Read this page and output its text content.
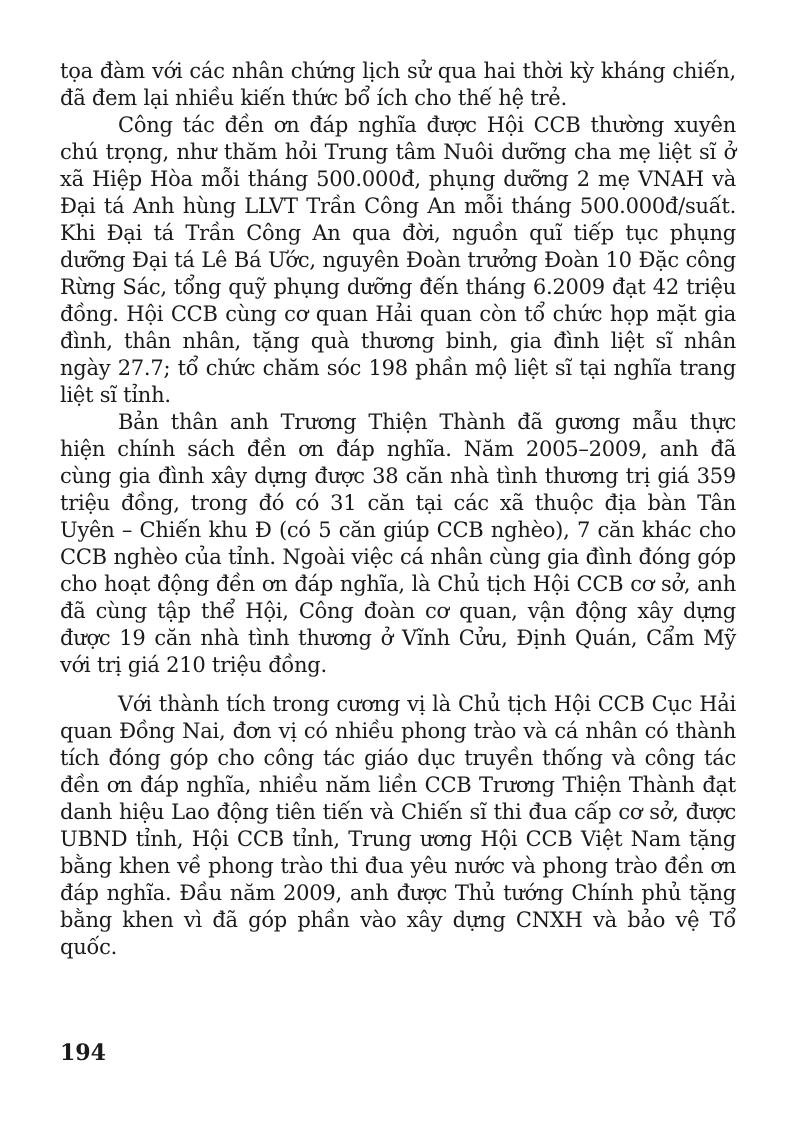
tọa đàm với các nhân chứng lịch sử qua hai thời kỳ kháng chiến, đã đem lại nhiều kiến thức bổ ích cho thế hệ trẻ.

Công tác đền ơn đáp nghĩa được Hội CCB thường xuyên chú trọng, như thăm hỏi Trung tâm Nuôi dưỡng cha mẹ liệt sĩ ở xã Hiệp Hòa mỗi tháng 500.000đ, phụng dưỡng 2 mẹ VNAH và Đại tá Anh hùng LLVT Trần Công An mỗi tháng 500.000đ/suất. Khi Đại tá Trần Công An qua đời, nguồn quĩ tiếp tục phụng dưỡng Đại tá Lê Bá Ước, nguyên Đoàn trưởng Đoàn 10 Đặc công Rừng Sác, tổng quỹ phụng dưỡng đến tháng 6.2009 đạt 42 triệu đồng. Hội CCB cùng cơ quan Hải quan còn tổ chức họp mặt gia đình, thân nhân, tặng quà thương binh, gia đình liệt sĩ nhân ngày 27.7; tổ chức chăm sóc 198 phần mộ liệt sĩ tại nghĩa trang liệt sĩ tỉnh.

Bản thân anh Trương Thiện Thành đã gương mẫu thực hiện chính sách đền ơn đáp nghĩa. Năm 2005–2009, anh đã cùng gia đình xây dựng được 38 căn nhà tình thương trị giá 359 triệu đồng, trong đó có 31 căn tại các xã thuộc địa bàn Tân Uyên – Chiến khu Đ (có 5 căn giúp CCB nghèo), 7 căn khác cho CCB nghèo của tỉnh. Ngoài việc cá nhân cùng gia đình đóng góp cho hoạt động đền ơn đáp nghĩa, là Chủ tịch Hội CCB cơ sở, anh đã cùng tập thể Hội, Công đoàn cơ quan, vận động xây dựng được 19 căn nhà tình thương ở Vĩnh Cửu, Định Quán, Cẩm Mỹ với trị giá 210 triệu đồng.

Với thành tích trong cương vị là Chủ tịch Hội CCB Cục Hải quan Đồng Nai, đơn vị có nhiều phong trào và cá nhân có thành tích đóng góp cho công tác giáo dục truyền thống và công tác đền ơn đáp nghĩa, nhiều năm liền CCB Trương Thiện Thành đạt danh hiệu Lao động tiên tiến và Chiến sĩ thi đua cấp cơ sở, được UBND tỉnh, Hội CCB tỉnh, Trung ương Hội CCB Việt Nam tặng bằng khen về phong trào thi đua yêu nước và phong trào đền ơn đáp nghĩa. Đầu năm 2009, anh được Thủ tướng Chính phủ tặng bằng khen vì đã góp phần vào xây dựng CNXH và bảo vệ Tổ quốc.

194
